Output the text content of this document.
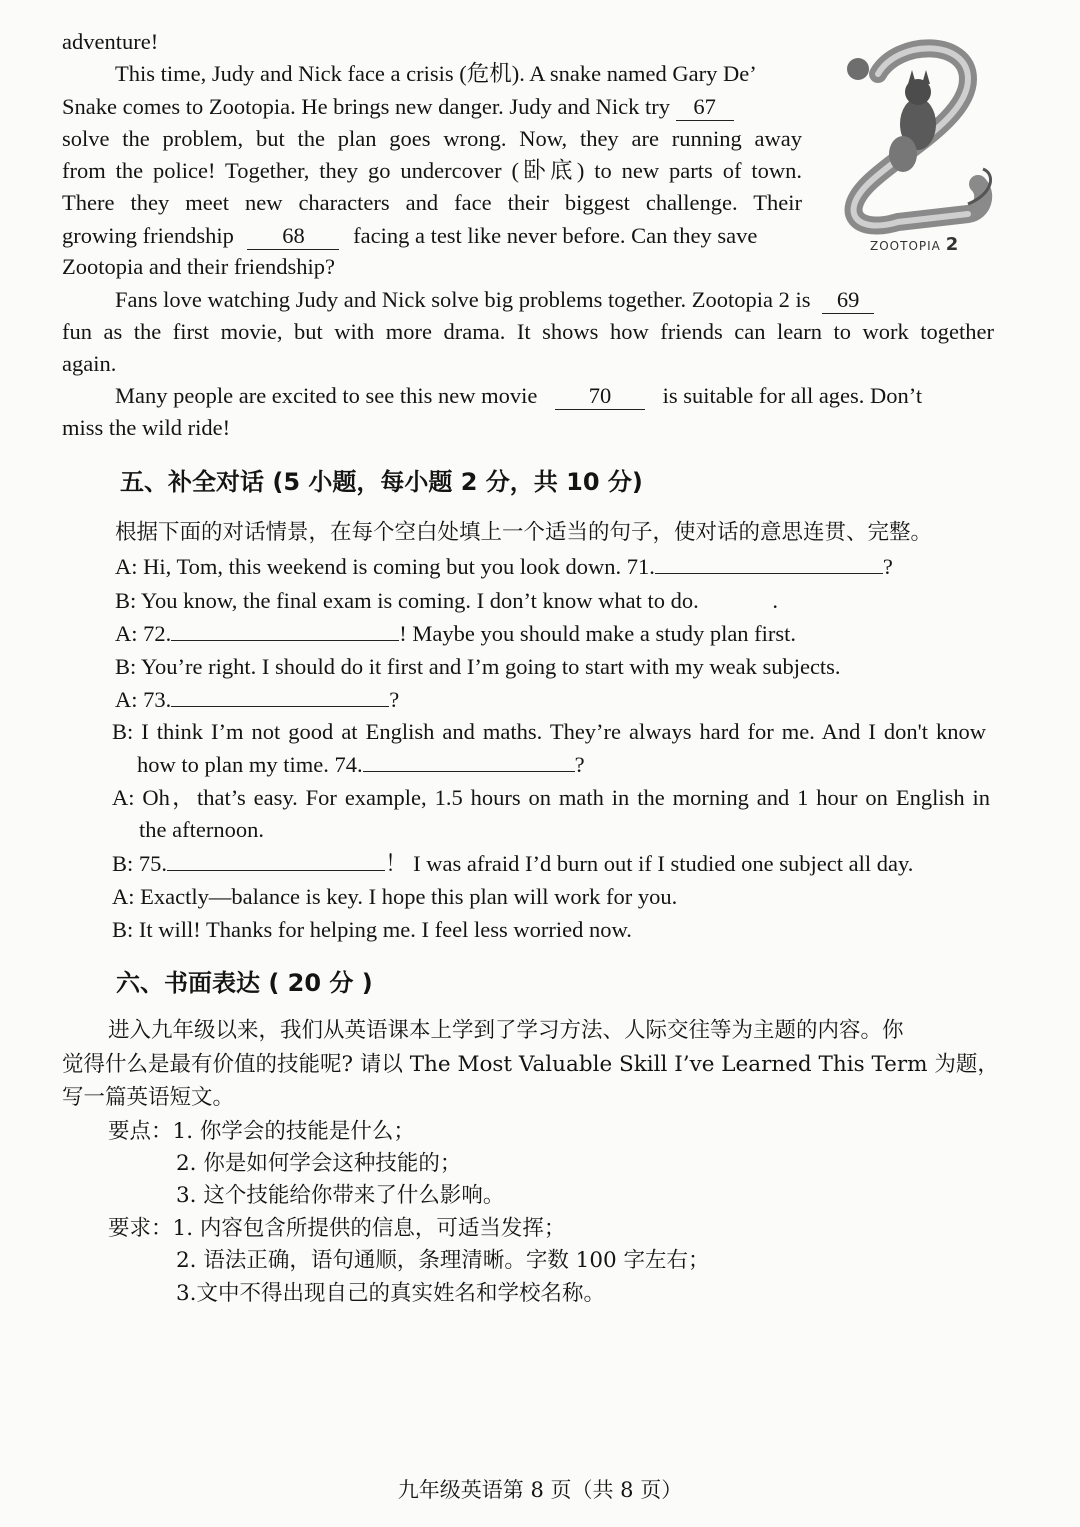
adventure!
This time, Judy and Nick face a crisis (危机). A snake named Gary De’
Snake comes to Zootopia. He brings new danger. Judy and Nick try 67
solve the problem, but the plan goes wrong. Now, they are running away
from the police! Together, they go undercover (卧底) to new parts of town.
There they meet new characters and face their biggest challenge. Their
growing friendship 68 facing a test like never before. Can they save
Zootopia and their friendship?
Fans love watching Judy and Nick solve big problems together. Zootopia 2 is 69
fun as the first movie, but with more drama. It shows how friends can learn to work together
again.
Many people are excited to see this new movie 70 is suitable for all ages. Don’t
miss the wild ride!
ZOOTOPIA 2
五、补全对话 (5 小题，每小题 2 分，共 10 分)
根据下面的对话情景，在每个空白处填上一个适当的句子，使对话的意思连贯、完整。
A: Hi, Tom, this weekend is coming but you look down. 71.	?
B: You know, the final exam is coming. I don’t know what to do.	.
A: 72.	! Maybe you should make a study plan first.
B: You’re right. I should do it first and I’m going to start with my weak subjects.
A: 73.	?
B: I think I’m not good at English and maths. They’re always hard for me. And I don't know
how to plan my time. 74.	?
A: Oh，that’s easy. For example, 1.5 hours on math in the morning and 1 hour on English in
the afternoon.
B: 75.	！ I was afraid I’d burn out if I studied one subject all day.
A: Exactly—balance is key. I hope this plan will work for you.
B: It will! Thanks for helping me. I feel less worried now.
六、书面表达 ( 20 分 )
进入九年级以来，我们从英语课本上学到了学习方法、人际交往等为主题的内容。你
觉得什么是最有价值的技能呢? 请以 The Most Valuable Skill I’ve Learned This Term 为题，
写一篇英语短文。
要点：1. 你学会的技能是什么；
2. 你是如何学会这种技能的；
3. 这个技能给你带来了什么影响。
要求：1. 内容包含所提供的信息，可适当发挥；
2. 语法正确，语句通顺，条理清晰。字数 100 字左右；
3.文中不得出现自己的真实姓名和学校名称。
九年级英语第 8 页（共 8 页）
